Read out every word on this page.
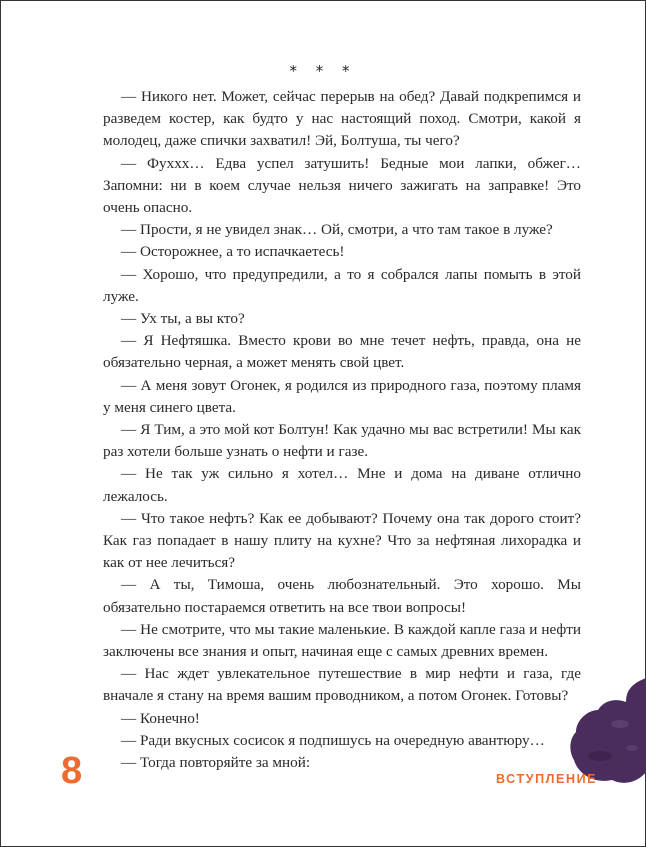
* * *

— Никого нет. Может, сейчас перерыв на обед? Давай подкрепимся и разведем костер, как будто у нас настоящий поход. Смотри, какой я молодец, даже спички захватил! Эй, Болтуша, ты чего?

— Фуххх… Едва успел затушить! Бедные мои лапки, обжег… Запомни: ни в коем случае нельзя ничего зажигать на заправке! Это очень опасно.

— Прости, я не увидел знак… Ой, смотри, а что там такое в луже?

— Осторожнее, а то испачкаетесь!

— Хорошо, что предупредили, а то я собрался лапы помыть в этой луже.

— Ух ты, а вы кто?

— Я Нефтяшка. Вместо крови во мне течет нефть, правда, она не обязательно черная, а может менять свой цвет.

— А меня зовут Огонек, я родился из природного газа, поэтому пламя у меня синего цвета.

— Я Тим, а это мой кот Болтун! Как удачно мы вас встретили! Мы как раз хотели больше узнать о нефти и газе.

— Не так уж сильно я хотел… Мне и дома на диване отлично лежалось.

— Что такое нефть? Как ее добывают? Почему она так дорого стоит? Как газ попадает в нашу плиту на кухне? Что за нефтяная лихорадка и как от нее лечиться?

— А ты, Тимоша, очень любознательный. Это хорошо. Мы обязательно постараемся ответить на все твои вопросы!

— Не смотрите, что мы такие маленькие. В каждой капле газа и нефти заключены все знания и опыт, начиная еще с самых древних времен.

— Нас ждет увлекательное путешествие в мир нефти и газа, где вначале я стану на время вашим проводником, а потом Огонек. Готовы?

— Конечно!

— Ради вкусных сосисок я подпишусь на очередную авантюру…

— Тогда повторяйте за мной:

8	ВСТУПЛЕНИЕ
